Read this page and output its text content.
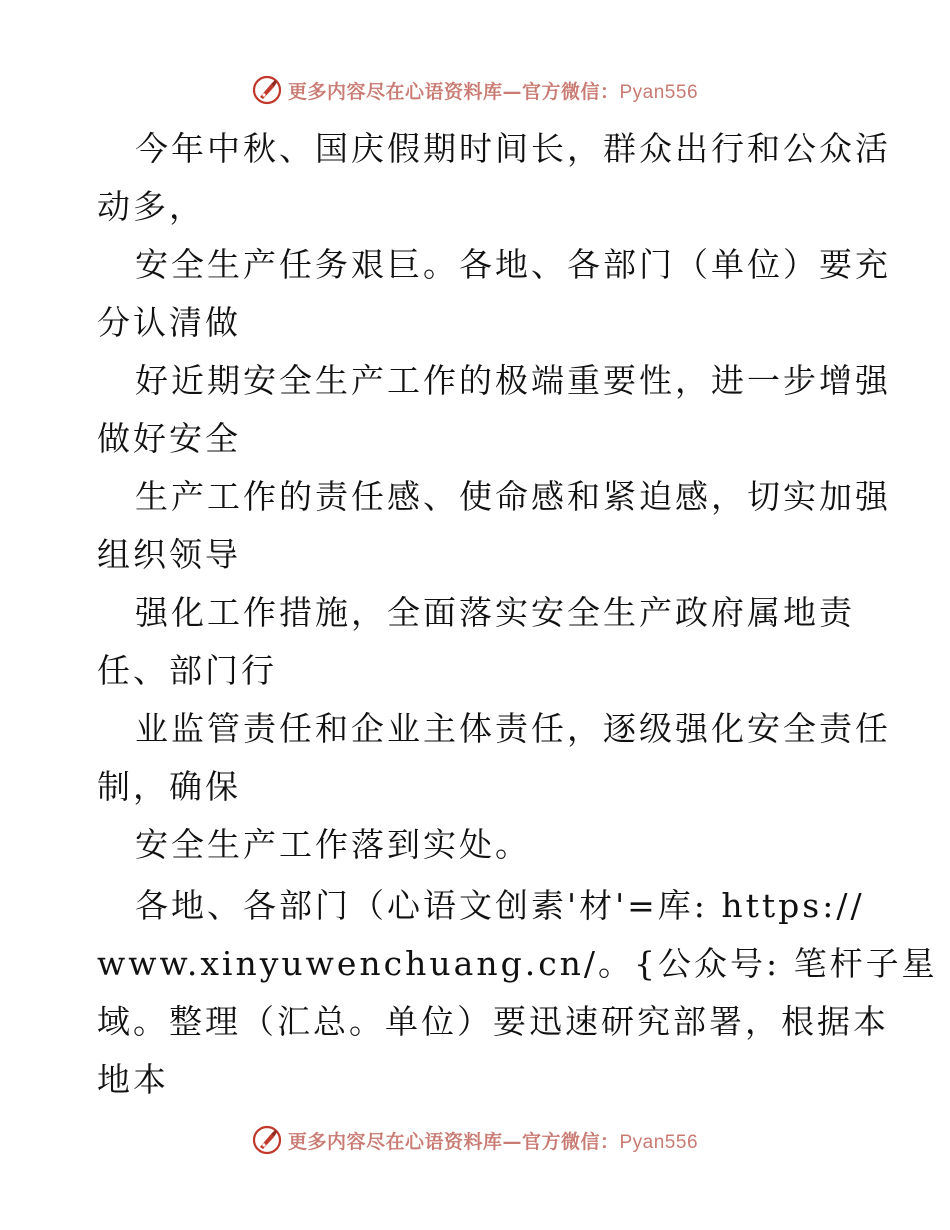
更多内容尽在心语资料库—官方微信：Pyan556
今年中秋、国庆假期时间长，群众出行和公众活
动多，
安全生产任务艰巨。各地、各部门（单位）要充
分认清做
好近期安全生产工作的极端重要性，进一步增强
做好安全
生产工作的责任感、使命感和紧迫感，切实加强
组织领导
强化工作措施，全面落实安全生产政府属地责
任、部门行
业监管责任和企业主体责任，逐级强化安全责任
制，确保
安全生产工作落到实处。
各地、各部门（心语文创素'材'=库: https://
www.xinyuwenchuang.cn/。{公众号: 笔杆子星
域。整理（汇总。单位）要迅速研究部署，根据本
地本
更多内容尽在心语资料库—官方微信：Pyan556
